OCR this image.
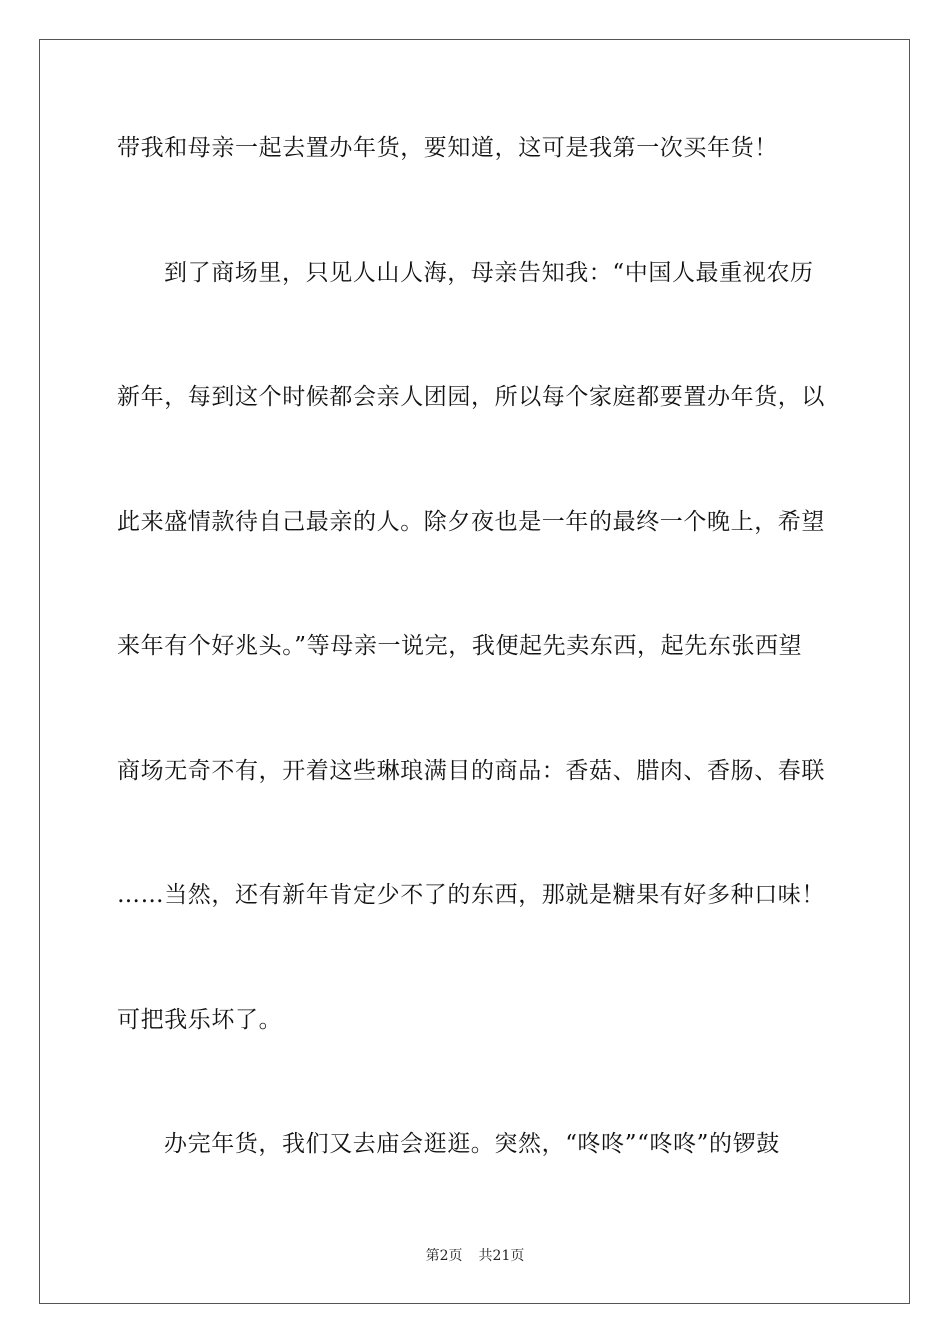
带我和母亲一起去置办年货，要知道，这可是我第一次买年货！
到了商场里，只见人山人海，母亲告知我：“中国人最重视农历
新年，每到这个时候都会亲人团园，所以每个家庭都要置办年货，以
此来盛情款待自己最亲的人。除夕夜也是一年的最终一个晚上，希望
来年有个好兆头。”等母亲一说完，我便起先卖东西，起先东张西望
商场无奇不有，开着这些琳琅满目的商品：香菇、腊肉、香肠、春联
……当然，还有新年肯定少不了的东西，那就是糖果有好多种口味！
可把我乐坏了。
办完年货，我们又去庙会逛逛。突然，“咚咚”“咚咚”的锣鼓
第2页 共21页
